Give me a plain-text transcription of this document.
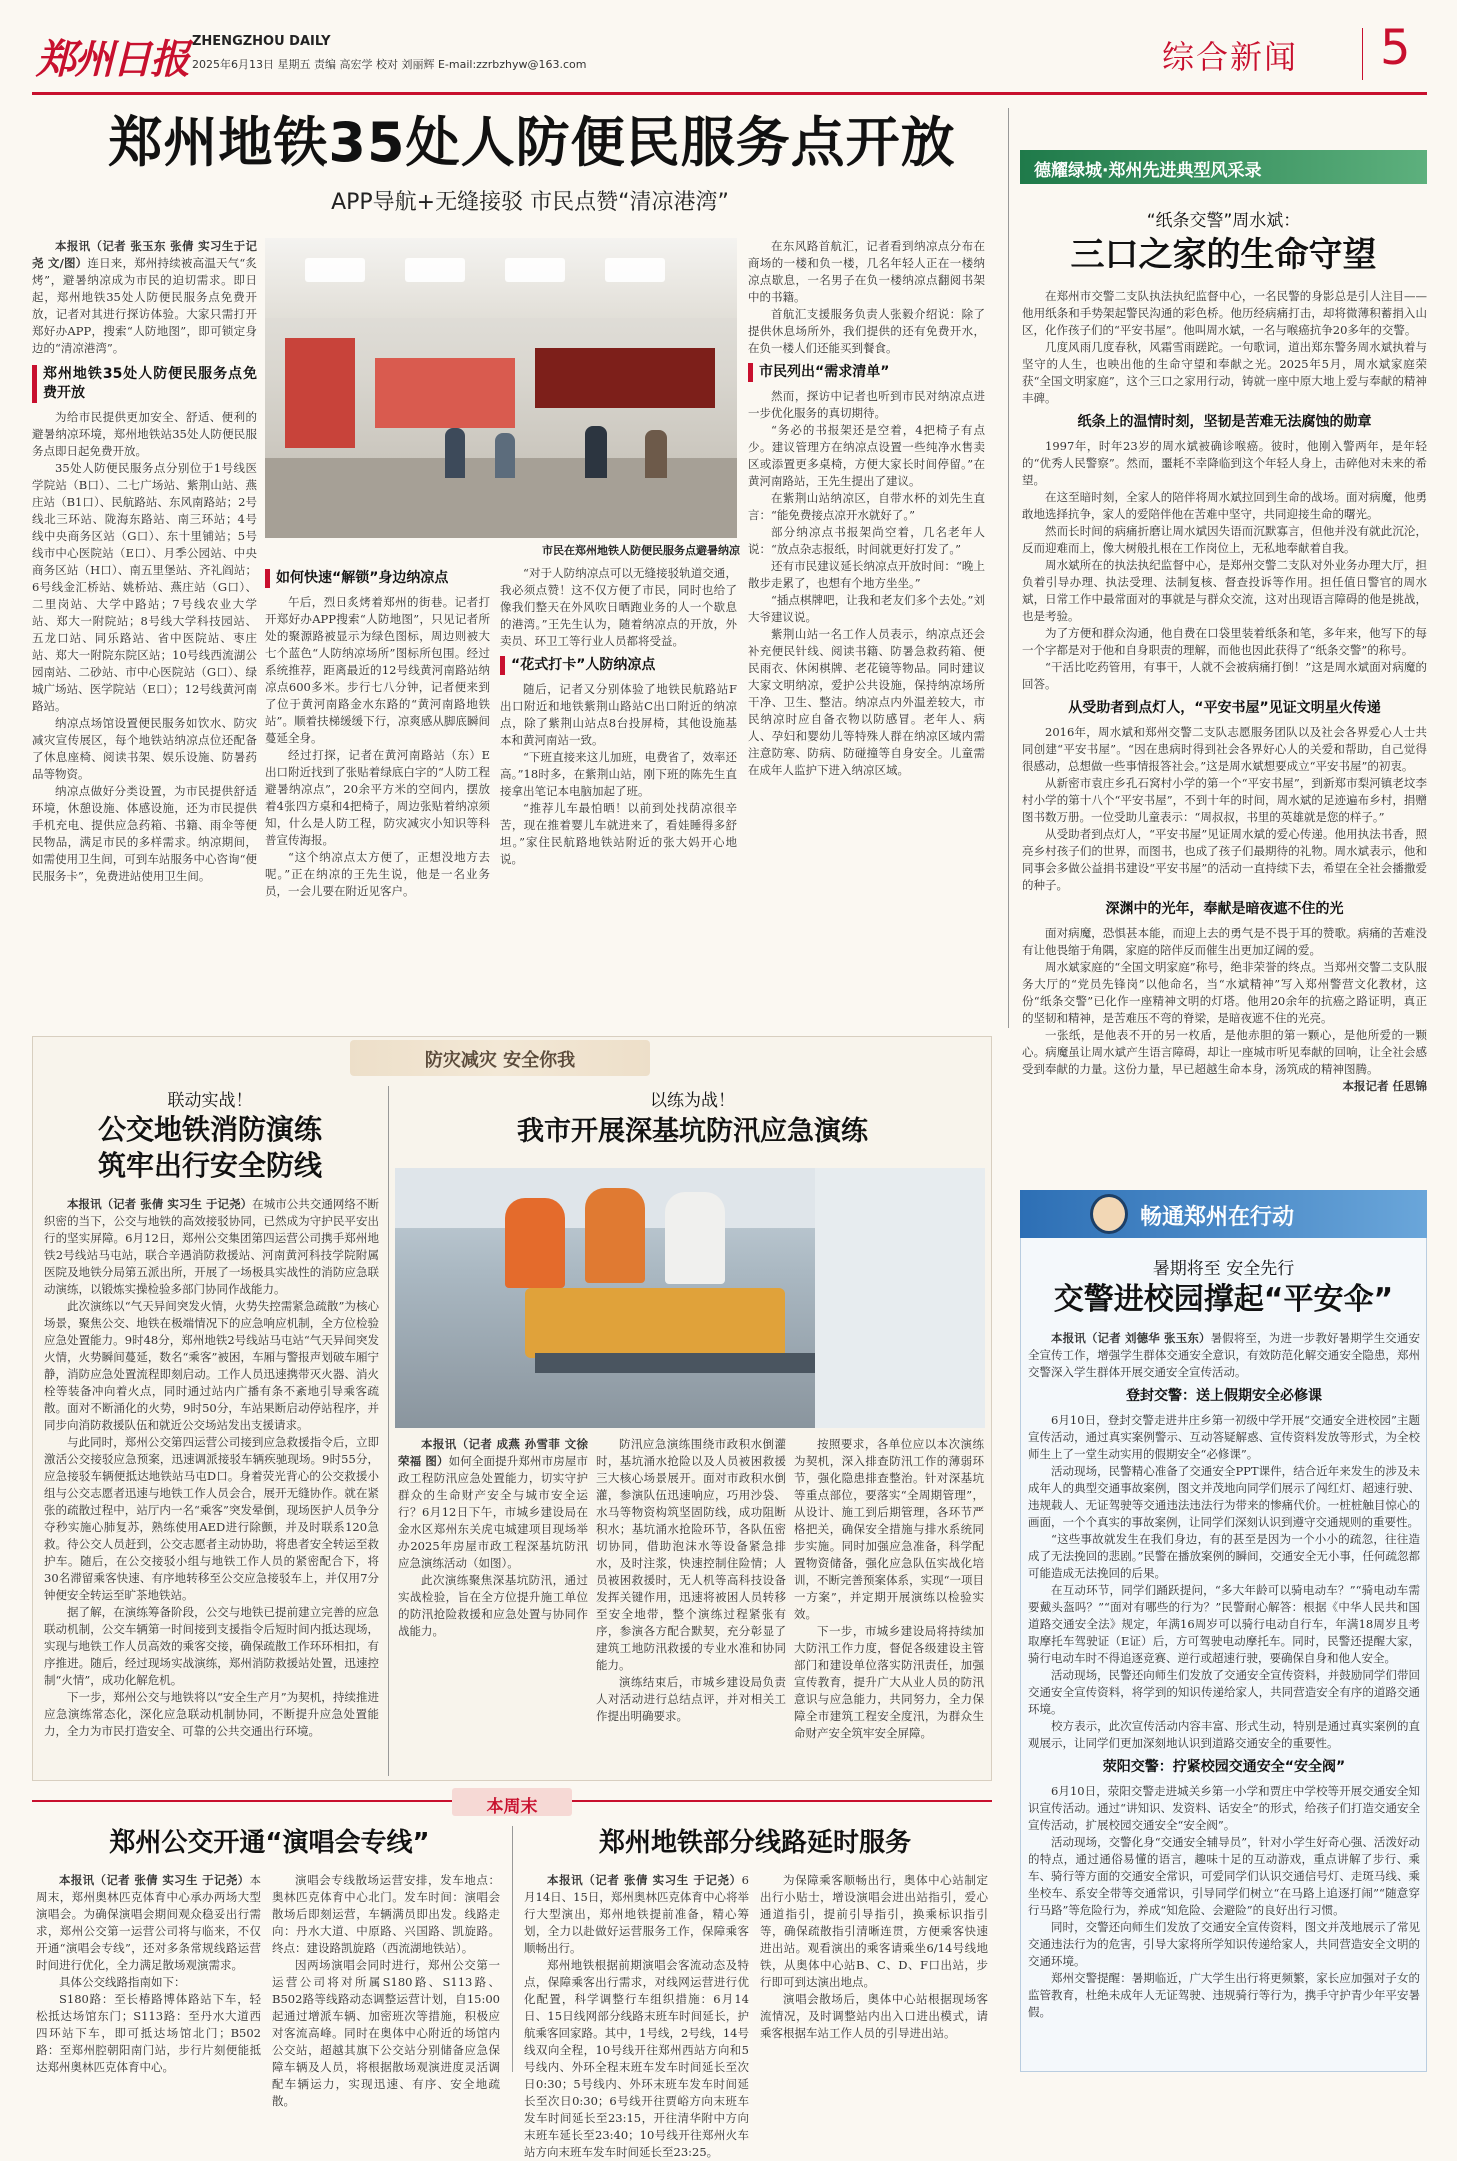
郑州日报 ZHENGZHOU DAILY
2025年6月13日 星期五 责编 高宏学 校对 刘丽辉 E-mail:zzrbzhyw@163.com	综合新闻 5
郑州地铁35处人防便民服务点开放
APP导航+无缝接驳 市民点赞“清凉港湾”

本报讯（记者 张玉东 张倩 实习生于记尧 文/图）连日来，郑州持续被高温天气“炙烤”，避暑纳凉成为市民的迫切需求。即日起，郑州地铁35处人防便民服务点免费开放，记者对其进行探访体验。大家只需打开郑好办APP，搜索“人防地图”，即可锁定身边的“清凉港湾”。

郑州地铁35处人防便民服务点免费开放

为给市民提供更加安全、舒适、便利的避暑纳凉环境，郑州地铁站35处人防便民服务点即日起免费开放。

35处人防便民服务点分别位于1号线医学院站（B口）、二七广场站、紫荆山站、燕庄站（B1口）、民航路站、东风南路站；2号线北三环站、陇海东路站、南三环站；4号线中央商务区站（G口）、东十里铺站；5号线市中心医院站（E口）、月季公园站、中央商务区站（H口）、南五里堡站、齐礼阎站；6号线金汇桥站、姚桥站、燕庄站（G口）、二里岗站、大学中路站；7号线农业大学站、郑大一附院站；8号线大学科技园站、五龙口站、同乐路站、省中医院站、枣庄站、郑大一附院东院区站；10号线西流湖公园南站、二砂站、市中心医院站（G口）、绿城广场站、医学院站（E口）；12号线黄河南路站。

纳凉点场馆设置便民服务如饮水、防灾减灾宣传展区，每个地铁站纳凉点位还配备了休息座椅、阅读书架、娱乐设施、防暑药品等物资。

纳凉点做好分类设置，为市民提供舒适环境，休憩设施、体感设施，还为市民提供手机充电、提供应急药箱、书籍、雨伞等便民物品，满足市民的多样需求。纳凉期间，如需使用卫生间，可到车站服务中心咨询“便民服务卡”，免费进站使用卫生间。

市民在郑州地铁人防便民服务点避暑纳凉

如何快速“解锁”身边纳凉点

午后，烈日炙烤着郑州的街巷。记者打开郑好办APP搜索“人防地图”，只见记者所处的聚源路被显示为绿色图标，周边则被大七个蓝色“人防纳凉场所”图标所包围。经过系统推荐，距离最近的12号线黄河南路站纳凉点600多米。步行七八分钟，记者便来到了位于黄河南路金水东路的“黄河南路地铁站”。顺着扶梯缓缓下行，凉爽感从脚底瞬间蔓延全身。

经过打探，记者在黄河南路站（东）E出口附近找到了张贴着绿底白字的“人防工程避暑纳凉点”，20余平方米的空间内，摆放着4张四方桌和4把椅子，周边张贴着纳凉须知，什么是人防工程，防灾减灾小知识等科普宣传海报。

“这个纳凉点太方便了，正想没地方去呢。”正在纳凉的王先生说，他是一名业务员，一会儿要在附近见客户。

“对于人防纳凉点可以无缝接驳轨道交通，我必须点赞！这不仅方便了市民，同时也给了像我们整天在外风吹日晒跑业务的人一个歇息的港湾。”王先生认为，随着纳凉点的开放，外卖员、环卫工等行业人员都将受益。

“花式打卡”人防纳凉点

随后，记者又分别体验了地铁民航路站F出口附近和地铁紫荆山路站C出口附近的纳凉点，除了紫荆山站点8台投屏椅，其他设施基本和黄河南站一致。

“下班直接来这儿加班，电费省了，效率还高。”18时多，在紫荆山站，刚下班的陈先生直接拿出笔记本电脑加起了班。

“推荐儿车最怕晒！以前到处找荫凉很辛苦，现在推着婴儿车就进来了，看娃睡得多舒坦。”家住民航路地铁站附近的张大妈开心地说。

在东风路首航汇，记者看到纳凉点分布在商场的一楼和负一楼，几名年轻人正在一楼纳凉点歇息，一名男子在负一楼纳凉点翻阅书架中的书籍。

首航汇支援服务负责人张毅介绍说：除了提供休息场所外，我们提供的还有免费开水，在负一楼人们还能买到餐食。

市民列出“需求清单”

然而，探访中记者也听到市民对纳凉点进一步优化服务的真切期待。

“务必的书报架还是空着，4把椅子有点少。建议管理方在纳凉点设置一些纯净水售卖区或添置更多桌椅，方便大家长时间停留。”在黄河南路站，王先生提出了建议。

在紫荆山站纳凉区，自带水杯的刘先生直言：“能免费接点凉开水就好了。”

部分纳凉点书报架尚空着，几名老年人说：“放点杂志报纸，时间就更好打发了。”

还有市民建议延长纳凉点开放时间：“晚上散步走累了，也想有个地方坐坐。”

“插点棋牌吧，让我和老友们多个去处。”刘大爷建议说。

紫荆山站一名工作人员表示，纳凉点还会补充便民针线、阅读书籍、防暑急救药箱、便民雨衣、休闲棋牌、老花镜等物品。同时建议大家文明纳凉，爱护公共设施，保持纳凉场所干净、卫生、整洁。纳凉点内外温差较大，市民纳凉时应自备衣物以防感冒。老年人、病人、孕妇和婴幼儿等特殊人群在纳凉区域内需注意防寒、防病、防碰撞等自身安全。儿童需在成年人监护下进入纳凉区域。

德耀绿城·郑州先进典型风采录
“纸条交警”周水斌：
三口之家的生命守望

在郑州市交警二支队执法执纪监督中心，一名民警的身影总是引人注目——他用纸条和手势架起警民沟通的彩色桥。他历经病痛打击，却将微薄积蓄捐入山区，化作孩子们的“平安书屋”。他叫周水斌，一名与喉癌抗争20多年的交警。

几度风雨几度春秋，风霜雪雨蹉跎。一句歌词，道出郑东警务周水斌执着与坚守的人生，也映出他的生命守望和奉献之光。2025年5月，周水斌家庭荣获“全国文明家庭”，这个三口之家用行动，铸就一座中原大地上爱与奉献的精神丰碑。

纸条上的温情时刻，坚韧是苦难无法腐蚀的勋章

1997年，时年23岁的周水斌被确诊喉癌。彼时，他刚入警两年，是年轻的“优秀人民警察”。然而，噩耗不幸降临到这个年轻人身上，击碎他对未来的希望。

在这至暗时刻，全家人的陪伴将周水斌拉回到生命的战场。面对病魔，他勇敢地选择抗争，家人的爱陪伴他在苦难中坚守，共同迎接生命的曙光。

然而长时间的病痛折磨让周水斌因失语而沉默寡言，但他并没有就此沉沦，反而迎难而上，像大树般扎根在工作岗位上，无私地奉献着自我。

周水斌所在的执法执纪监督中心，是郑州交警二支队对外业务办理大厅，担负着引导办理、执法受理、法制复核、督查投诉等作用。担任值日警官的周水斌，日常工作中最常面对的事就是与群众交流，这对出现语言障碍的他是挑战，也是考验。

为了方便和群众沟通，他自费在口袋里装着纸条和笔，多年来，他写下的每一个字都是对于他和自身职责的理解，而他也因此获得了“纸条交警”的称号。

“干活比吃药管用，有事干，人就不会被病痛打倒！”这是周水斌面对病魔的回答。

从受助者到点灯人，“平安书屋”见证文明星火传递

2016年，周水斌和郑州交警二支队志愿服务团队以及社会各界爱心人士共同创建“平安书屋”。“因在患病时得到社会各界好心人的关爱和帮助，自己觉得很感动，总想做一些事情报答社会。”这是周水斌想要成立“平安书屋”的初衷。

从新密市袁庄乡孔石窝村小学的第一个“平安书屋”，到新郑市梨河镇老坟李村小学的第十八个“平安书屋”，不到十年的时间，周水斌的足迹遍布乡村，捐赠图书数万册。一位受助儿童表示：“周叔叔，书里的英雄就是您的样子。”

从受助者到点灯人，“平安书屋”见证周水斌的爱心传递。他用执法书香，照亮乡村孩子们的世界，而图书，也成了孩子们最期待的礼物。周水斌表示，他和同事会多做公益捐书建设“平安书屋”的活动一直持续下去，希望在全社会播撒爱的种子。

深渊中的光年，奉献是暗夜遮不住的光

面对病魔，恐惧甚本能，而迎上去的勇气是不畏于耳的赞歌。病痛的苦难没有让他畏缩于角隅，家庭的陪伴反而催生出更加辽阔的爱。

周水斌家庭的“全国文明家庭”称号，绝非荣誉的终点。当郑州交警二支队服务大厅的“党员先锋岗”以他命名，当“水斌精神”写入郑州警营文化教材，这份“纸条交警”已化作一座精神文明的灯塔。他用20余年的抗癌之路证明，真正的坚韧和精神，是苦难压不弯的脊梁，是暗夜遮不住的光亮。

一张纸，是他表不开的另一枚盾，是他赤胆的第一颗心，是他所爱的一颗心。病魔虽让周水斌产生语言障碍，却让一座城市听见奉献的回响，让全社会感受到奉献的力量。这份力量，早已超越生命本身，汤筑成的精神图腾。

本报记者 任思锦

防灾减灾 安全你我
联动实战！
公交地铁消防演练
筑牢出行安全防线

本报讯（记者 张倩 实习生 于记尧）在城市公共交通网络不断织密的当下，公交与地铁的高效接驳协同，已然成为守护民平安出行的坚实屏障。6月12日，郑州公交集团第四运营公司携手郑州地铁2号线站马屯站，联合辛遇消防救援站、河南黄河科技学院附属医院及地铁分局第五派出所，开展了一场极具实战性的消防应急联动演练，以锻炼实操检验多部门协同作战能力。

此次演练以“气天异间突发火情，火势失控需紧急疏散”为核心场景，聚焦公交、地铁在极端情况下的应急响应机制，全方位检验应急处置能力。9时48分，郑州地铁2号线站马屯站“气天异间突发火情，火势瞬间蔓延，数名“乘客”被困，车厢与警报声划破车厢宁静，消防应急处置流程即刻启动。工作人员迅速携带灭火器、消火栓等装备冲向着火点，同时通过站内广播有条不紊地引导乘客疏散。面对不断涌化的火势，9时50分，车站果断启动停站程序，并同步向消防救援队伍和就近公交场站发出支援请求。

与此同时，郑州公交第四运营公司接到应急救援指令后，立即激活公交接驳应急预案，迅速调派接驳车辆疾驰现场。9时55分，应急接驳车辆便抵达地铁站马屯D口。身着荧光背心的公交救援小组与公交志愿者迅速与地铁工作人员会合，展开无缝协作。就在紧张的疏散过程中，站厅内一名“乘客”突发晕倒，现场医护人员争分夺秒实施心肺复苏，熟练使用AED进行除颤，并及时联系120急救。待公交人员赶到，公交志愿者主动协助，将患者安全转运至救护车。随后，在公交接驳小组与地铁工作人员的紧密配合下，将30名滞留乘客快速、有序地转移至公交应急接驳车上，并仅用7分钟便安全转运至旷茶地铁站。

据了解，在演练筹备阶段，公交与地铁已提前建立完善的应急联动机制，公交车辆第一时间接到支援指令后短时间内抵达现场，实现与地铁工作人员高效的乘客交接，确保疏散工作环环相扣，有序推进。随后，经过现场实战演练，郑州消防救援站处置，迅速控制“火情”，成功化解危机。

下一步，郑州公交与地铁将以“安全生产月”为契机，持续推进应急演练常态化，深化应急联动机制协同，不断提升应急处置能力，全力为市民打造安全、可靠的公共交通出行环境。

以练为战！
我市开展深基坑防汛应急演练

本报讯（记者 成燕 孙雪菲 文徐荣福 图）如何全面提升郑州市房屋市政工程防汛应急处置能力，切实守护群众的生命财产安全与城市安全运行？6月12日下午，市城乡建设局在金水区郑州东关虎屯城建项目现场举办2025年房屋市政工程深基坑防汛应急演练活动（如图）。

此次演练聚焦深基坑防汛，通过实战检验，旨在全方位提升施工单位的防汛抢险救援和应急处置与协同作战能力。

防汛应急演练围绕市政积水倒灌时，基坑涌水抢险以及人员被困救援三大核心场景展开。面对市政积水倒灌，参演队伍迅速响应，巧用沙袋、水马等物资构筑坚固防线，成功阻断积水；基坑涌水抢险环节，各队伍密切协同，借助泡沫水等设备紧急排水，及时注浆，快速控制住险情；人员被困救援时，无人机等高科技设备发挥关键作用，迅速将被困人员转移至安全地带，整个演练过程紧张有序，参演各方配合默契，充分彰显了建筑工地防汛救援的专业水准和协同能力。

演练结束后，市城乡建设局负责人对活动进行总结点评，并对相关工作提出明确要求。

按照要求，各单位应以本次演练为契机，深入排查防汛工作的薄弱环节，强化隐患排查整治。针对深基坑等重点部位，要落实“全周期管理”，从设计、施工到后期管理，各环节严格把关，确保安全措施与排水系统同步实施。同时加强应急准备，科学配置物资储备，强化应急队伍实战化培训，不断完善预案体系，实现“一项目一方案”，并定期开展演练以检验实效。

下一步，市城乡建设局将持续加大防汛工作力度，督促各级建设主管部门和建设单位落实防汛责任，加强宣传教育，提升广大从业人员的防汛意识与应急能力，共同努力，全力保障全市建筑工程安全度汛，为群众生命财产安全筑牢安全屏障。

畅通郑州在行动
暑期将至 安全先行
交警进校园撑起“平安伞”

本报讯（记者 刘德华 张玉东）暑假将至，为进一步教好暑期学生交通安全宣传工作，增强学生群体交通安全意识，有效防范化解交通安全隐患，郑州交警深入学生群体开展交通安全宣传活动。

登封交警：送上假期安全必修课

6月10日，登封交警走进井庄乡第一初级中学开展“交通安全进校园”主题宣传活动，通过真实案例警示、互动答疑解惑、宣传资料发放等形式，为全校师生上了一堂生动实用的假期安全“必修课”。

活动现场，民警精心准备了交通安全PPT课件，结合近年来发生的涉及未成年人的典型交通事故案例，图文并茂地向同学们展示了闯红灯、超速行驶、违规载人、无证驾驶等交通违法违法行为带来的惨痛代价。一桩桩触目惊心的画面，一个个真实的事故案例，让同学们深刻认识到遵守交通规则的重要性。

“这些事故就发生在我们身边，有的甚至是因为一个小小的疏忽，往往造成了无法挽回的悲剧。”民警在播放案例的瞬间，交通安全无小事，任何疏忽都可能造成无法挽回的后果。

在互动环节，同学们踊跃提问，“多大年龄可以骑电动车？”“骑电动车需要戴头盔吗？”“面对有哪些的行为？”民警耐心解答：根据《中华人民共和国道路交通安全法》规定，年满16周岁可以骑行电动自行车，年满18周岁且考取摩托车驾驶证（E证）后，方可驾驶电动摩托车。同时，民警还提醒大家，骑行电动车时不得追逐竞赛、逆行或超速行驶，要确保自身和他人安全。

活动现场，民警还向师生们发放了交通安全宣传资料，并鼓励同学们带回交通安全宣传资料，将学到的知识传递给家人，共同营造安全有序的道路交通环境。

校方表示，此次宣传活动内容丰富、形式生动，特别是通过真实案例的直观展示，让同学们更加深刻地认识到道路交通安全的重要性。

荥阳交警：拧紧校园交通安全“安全阀”

6月10日，荥阳交警走进城关乡第一小学和贾庄中学校等开展交通安全知识宣传活动。通过“讲知识、发资料、话安全”的形式，给孩子们打造交通安全宣传活动，扩展校园交通安全“安全阀”。

活动现场，交警化身“交通安全辅导员”，针对小学生好奇心强、活泼好动的特点，通过通俗易懂的语言，趣味十足的互动游戏，重点讲解了步行、乘车、骑行等方面的交通安全常识，可爱同学们认识交通信号灯、走斑马线、乘坐校车、系安全带等交通常识，引导同学们树立“在马路上追逐打闹”“随意穿行马路”等危险行为，养成“知危险、会避险”的良好出行习惯。

同时，交警还向师生们发放了交通安全宣传资料，图文并茂地展示了常见交通违法行为的危害，引导大家将所学知识传递给家人，共同营造安全文明的交通环境。

郑州交警提醒：暑期临近，广大学生出行将更频繁，家长应加强对子女的监管教育，杜绝未成年人无证驾驶、违规骑行等行为，携手守护青少年平安暑假。

本周末
郑州公交开通“演唱会专线”

本报讯（记者 张倩 实习生 于记尧）本周末，郑州奥林匹克体育中心承办两场大型演唱会。为确保演唱会期间观众稳妥出行需求，郑州公交第一运营公司将与临来，不仅开通“演唱会专线”，还对多条常规线路运营时间进行优化，全力满足散场观演需求。

具体公交线路指南如下：

S180路：至长椿路博体路站下车，轻松抵达场馆东门；S113路：至丹水大道西四环站下车，即可抵达场馆北门；B502路：至郑州腔朝阳南门站，步行片刻便能抵达郑州奥林匹克体育中心。

演唱会专线散场运营安排，发车地点：奥林匹克体育中心北门。发车时间：演唱会散场后即刻运营，车辆满员即出发。线路走向：丹水大道、中原路、兴国路、凯旋路。终点：建设路凯旋路（西流湖地铁站）。

因两场演唱会同时进行，郑州公交第一运营公司将对所属S180路、S113路、B502路等线路动态调整运营计划，自15:00起通过增派车辆、加密班次等措施，积极应对客流高峰。同时在奥体中心附近的场馆内公交站，超越其旗下公交站分别储备应急保障车辆及人员，将根据散场观演进度灵活调配车辆运力，实现迅速、有序、安全地疏散。

郑州地铁部分线路延时服务

本报讯（记者 张倩 实习生 于记尧）6月14日、15日，郑州奥林匹克体育中心将举行大型演出，郑州地铁提前准备，精心筹划，全力以赴做好运营服务工作，保障乘客顺畅出行。

郑州地铁根据前期演唱会客流动态及特点，保障乘客出行需求，对线网运营进行优化配置，科学调整行车组织措施：6月14日、15日线网部分线路末班车时间延长，护航乘客回家路。其中，1号线，2号线，14号线双向全程，10号线开往郑州西站方向和5号线内、外环全程末班车发车时间延长至次日0:30；5号线内、外环末班车发车时间延长至次日0:30；6号线开往贾峪方向末班车发车时间延长至23:15，开往清华附中方向末班车延长至23:40；10号线开往郑州火车站方向末班车发车时间延长至23:25。

为保障乘客顺畅出行，奥体中心站制定出行小贴士，增设演唱会进出站指引，爱心通道指引，提前引导指引，换乘标识指引等，确保疏散指引清晰连贯，方便乘客快速进出站。观看演出的乘客请乘坐6/14号线地铁，从奥体中心站B、C、D、F口出站，步行即可到达演出地点。

演唱会散场后，奥体中心站根据现场客流情况，及时调整站内出入口进出模式，请乘客根据车站工作人员的引导进出站。
